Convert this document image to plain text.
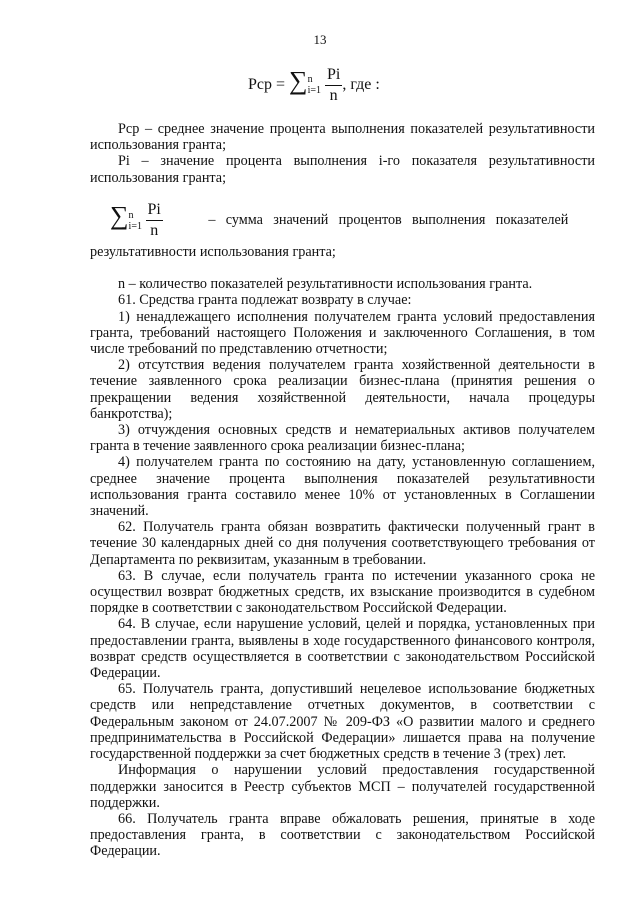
13
Pср = ∑ n
i=1
$\frac{Pi}{n}$ , где :

Pср – среднее значение процента выполнения показателей результативности использования гранта;

Pi – значение процента выполнения i-го показателя результативности использования гранта;

∑ n
i=1
$\frac{Pi}{n}$	– сумма значений процентов выполнения показателей

результативности использования гранта;

n – количество показателей результативности использования гранта.

61. Средства гранта подлежат возврату в случае:

1) ненадлежащего исполнения получателем гранта условий предоставления гранта, требований настоящего Положения и заключенного Соглашения, в том числе требований по представлению отчетности;

2) отсутствия ведения получателем гранта хозяйственной деятельности в течение заявленного срока реализации бизнес-плана (принятия решения о прекращении ведения хозяйственной деятельности, начала процедуры банкротства);

3) отчуждения основных средств и нематериальных активов получателем гранта в течение заявленного срока реализации бизнес-плана;

4) получателем гранта по состоянию на дату, установленную соглашением, среднее значение процента выполнения показателей результативности использования гранта составило менее 10% от установленных в Соглашении значений.

62. Получатель гранта обязан возвратить фактически полученный грант в течение 30 календарных дней со дня получения соответствующего требования от Департамента по реквизитам, указанным в требовании.

63. В случае, если получатель гранта по истечении указанного срока не осуществил возврат бюджетных средств, их взыскание производится в судебном порядке в соответствии с законодательством Российской Федерации.

64. В случае, если нарушение условий, целей и порядка, установленных при предоставлении гранта, выявлены в ходе государственного финансового контроля, возврат средств осуществляется в соответствии с законодательством Российской Федерации.

65. Получатель гранта, допустивший нецелевое использование бюджетных средств или непредставление отчетных документов, в соответствии с Федеральным законом от 24.07.2007 № 209-ФЗ «О развитии малого и среднего предпринимательства в Российской Федерации» лишается права на получение государственной поддержки за счет бюджетных средств в течение 3 (трех) лет.

Информация о нарушении условий предоставления государственной поддержки заносится в Реестр субъектов МСП – получателей государственной поддержки.

66. Получатель гранта вправе обжаловать решения, принятые в ходе предоставления гранта, в соответствии с законодательством Российской Федерации.
